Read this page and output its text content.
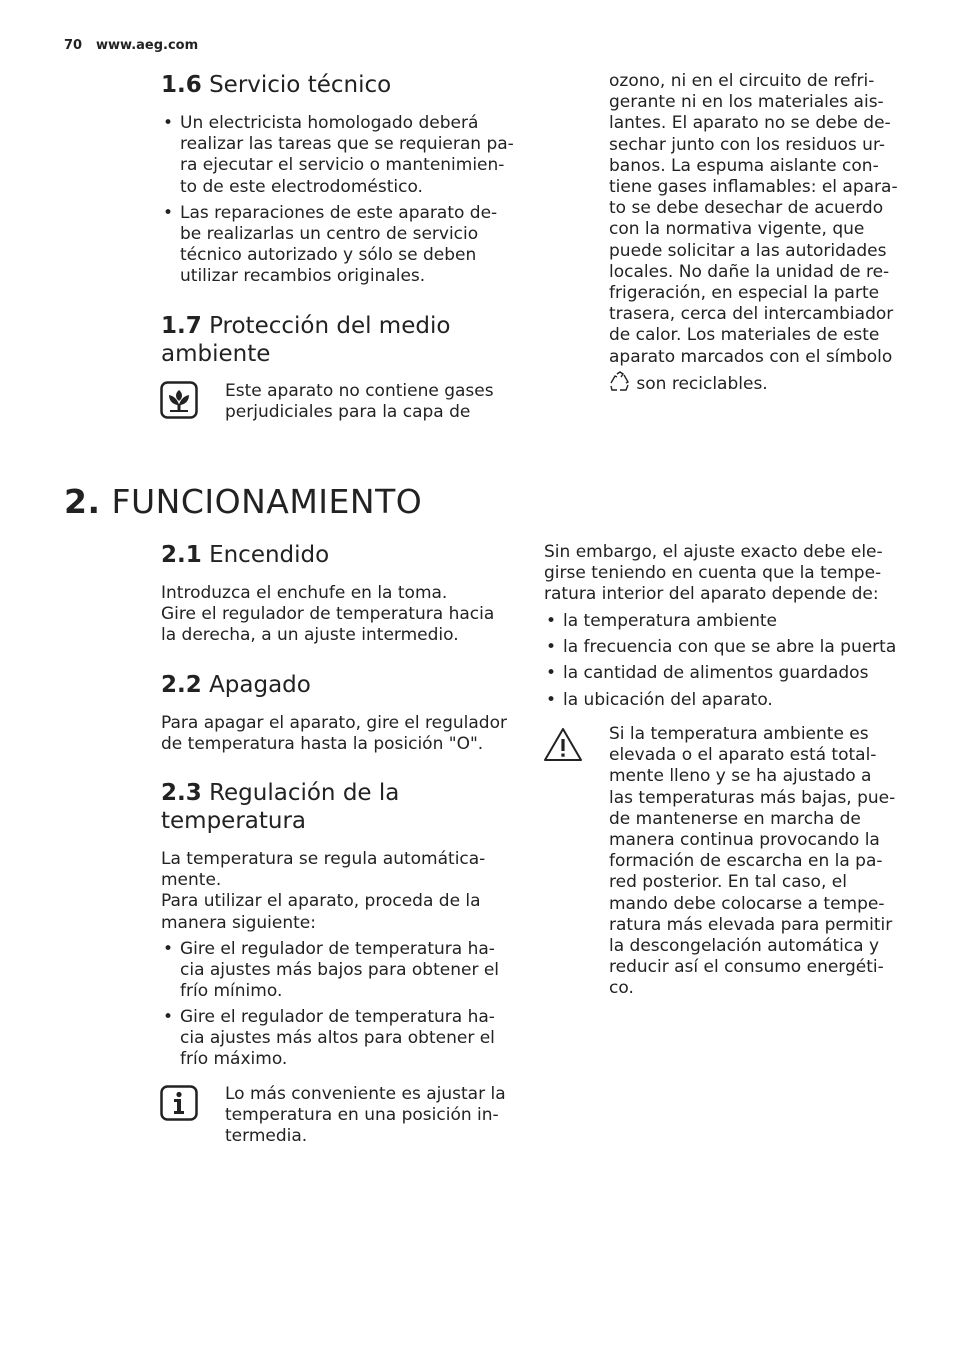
70 www.aeg.com
1.6 Servicio técnico
• Un electricista homologado deberá
realizar las tareas que se requieran pa-
ra ejecutar el servicio o mantenimien-
to de este electrodoméstico.
• Las reparaciones de este aparato de-
be realizarlas un centro de servicio
técnico autorizado y sólo se deben
utilizar recambios originales.
1.7 Protección del medio
ambiente
Este aparato no contiene gases
perjudiciales para la capa de
ozono, ni en el circuito de refri-
gerante ni en los materiales ais-
lantes. El aparato no se debe de-
sechar junto con los residuos ur-
banos. La espuma aislante con-
tiene gases inflamables: el apara-
to se debe desechar de acuerdo
con la normativa vigente, que
puede solicitar a las autoridades
locales. No dañe la unidad de re-
frigeración, en especial la parte
trasera, cerca del intercambiador
de calor. Los materiales de este
aparato marcados con el símbolo
son reciclables.
2. FUNCIONAMIENTO
2.1 Encendido
Introduzca el enchufe en la toma.
Gire el regulador de temperatura hacia
la derecha, a un ajuste intermedio.
2.2 Apagado
Para apagar el aparato, gire el regulador
de temperatura hasta la posición "O".
2.3 Regulación de la
temperatura
La temperatura se regula automática-
mente.
Para utilizar el aparato, proceda de la
manera siguiente:
• Gire el regulador de temperatura ha-
cia ajustes más bajos para obtener el
frío mínimo.
• Gire el regulador de temperatura ha-
cia ajustes más altos para obtener el
frío máximo.
Lo más conveniente es ajustar la
temperatura en una posición in-
termedia.
Sin embargo, el ajuste exacto debe ele-
girse teniendo en cuenta que la tempe-
ratura interior del aparato depende de:
• la temperatura ambiente
• la frecuencia con que se abre la puerta
• la cantidad de alimentos guardados
• la ubicación del aparato.
Si la temperatura ambiente es
elevada o el aparato está total-
mente lleno y se ha ajustado a
las temperaturas más bajas, pue-
de mantenerse en marcha de
manera continua provocando la
formación de escarcha en la pa-
red posterior. En tal caso, el
mando debe colocarse a tempe-
ratura más elevada para permitir
la descongelación automática y
reducir así el consumo energéti-
co.
